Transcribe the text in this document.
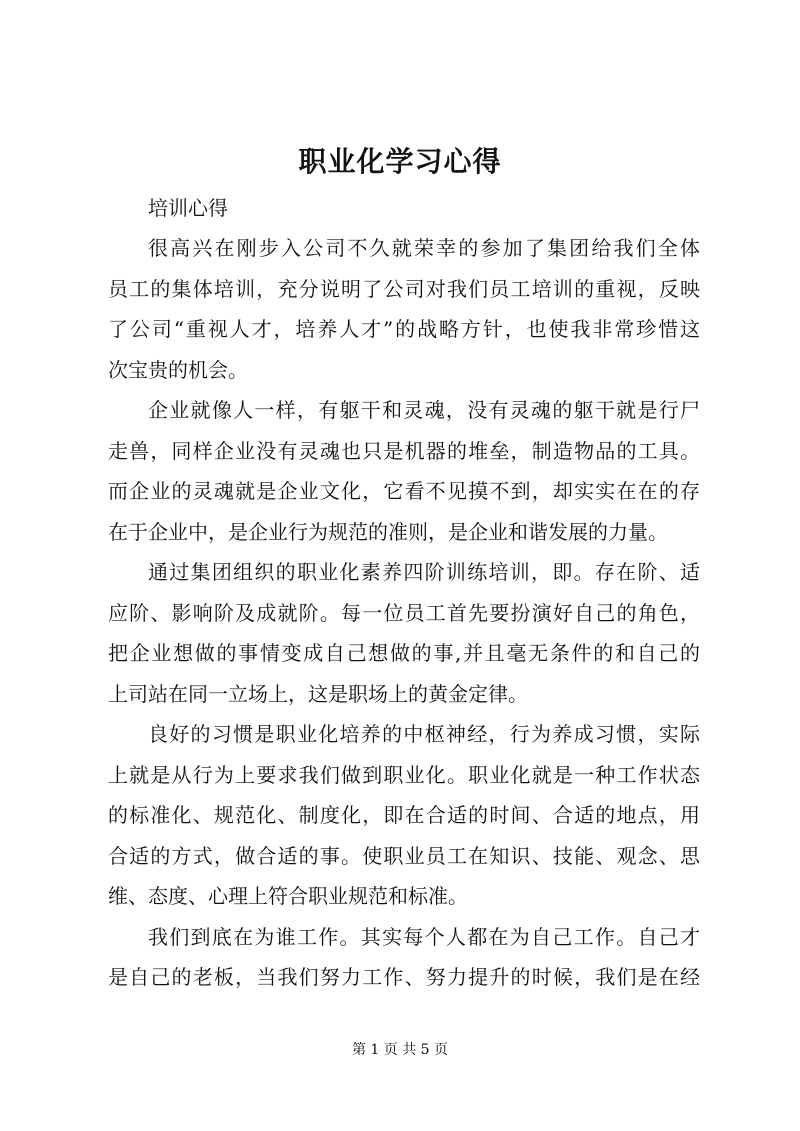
职业化学习心得

培训心得

很高兴在刚步入公司不久就荣幸的参加了集团给我们全体
员工的集体培训，充分说明了公司对我们员工培训的重视，反映
了公司“重视人才，培养人才”的战略方针，也使我非常珍惜这
次宝贵的机会。

企业就像人一样，有躯干和灵魂，没有灵魂的躯干就是行尸
走兽，同样企业没有灵魂也只是机器的堆垒，制造物品的工具。
而企业的灵魂就是企业文化，它看不见摸不到，却实实在在的存
在于企业中，是企业行为规范的准则，是企业和谐发展的力量。

通过集团组织的职业化素养四阶训练培训，即。存在阶、适
应阶、影响阶及成就阶。每一位员工首先要扮演好自己的角色，
把企业想做的事情变成自己想做的事,并且毫无条件的和自己的
上司站在同一立场上，这是职场上的黄金定律。

良好的习惯是职业化培养的中枢神经，行为养成习惯，实际
上就是从行为上要求我们做到职业化。职业化就是一种工作状态
的标准化、规范化、制度化，即在合适的时间、合适的地点，用
合适的方式，做合适的事。使职业员工在知识、技能、观念、思
维、态度、心理上符合职业规范和标准。

我们到底在为谁工作。其实每个人都在为自己工作。自己才
是自己的老板，当我们努力工作、努力提升的时候，我们是在经

第 1 页 共 5 页
